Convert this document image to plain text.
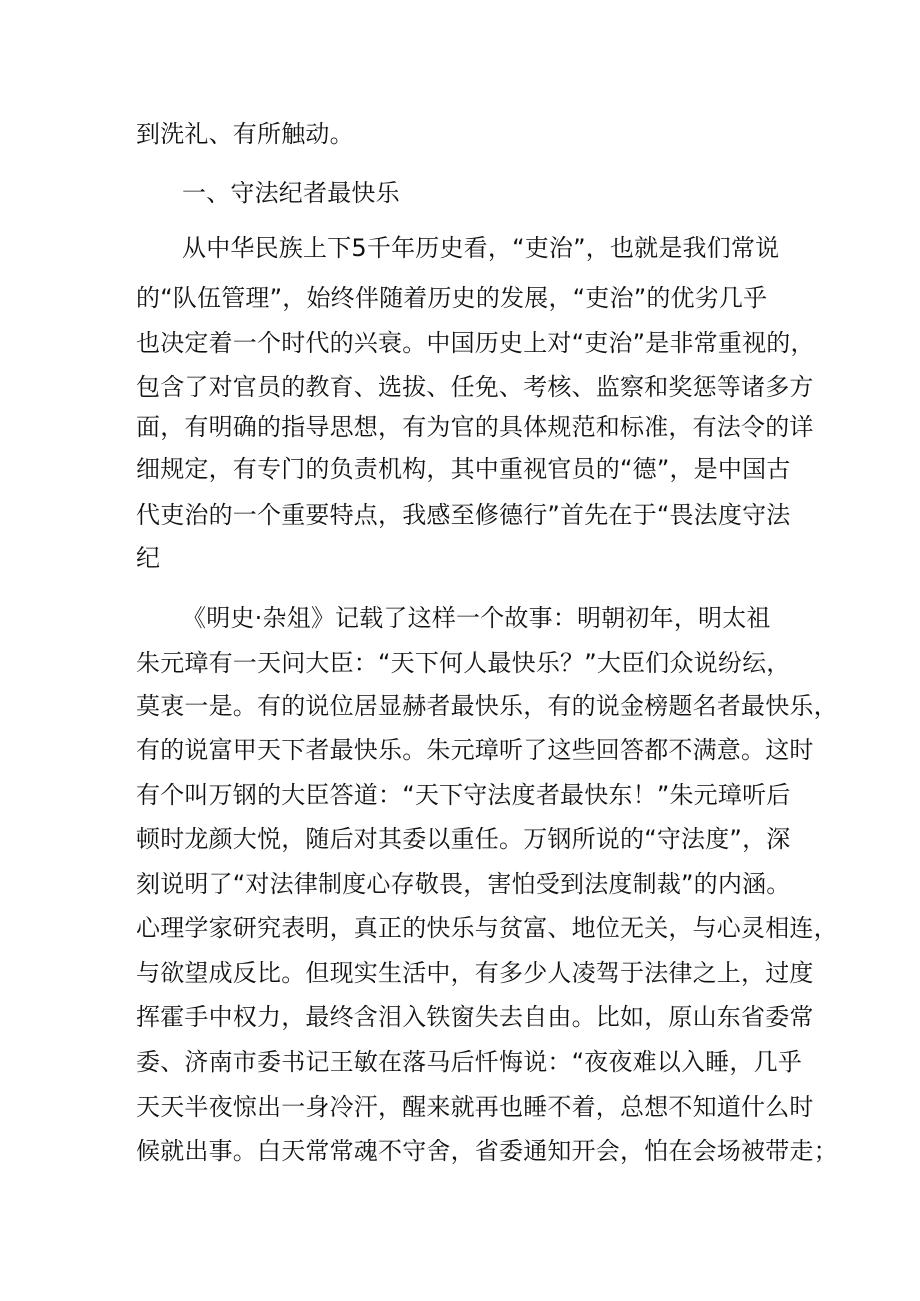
到洗礼、有所触动。
一、守法纪者最快乐
从中华民族上下5千年历史看，“吏治”，也就是我们常说
的“队伍管理”，始终伴随着历史的发展，“吏治”的优劣几乎
也决定着一个时代的兴衰。中国历史上对“吏治”是非常重视的，
包含了对官员的教育、选拔、任免、考核、监察和奖惩等诸多方
面，有明确的指导思想，有为官的具体规范和标准，有法令的详
细规定，有专门的负责机构，其中重视官员的“德”，是中国古
代吏治的一个重要特点，我感至修德行”首先在于“畏法度守法
纪
《明史·杂俎》记载了这样一个故事：明朝初年，明太祖
朱元璋有一天问大臣：“天下何人最快乐？”大臣们众说纷纭，
莫衷一是。有的说位居显赫者最快乐，有的说金榜题名者最快乐，
有的说富甲天下者最快乐。朱元璋听了这些回答都不满意。这时
有个叫万钢的大臣答道：“天下守法度者最快东！”朱元璋听后
顿时龙颜大悦，随后对其委以重任。万钢所说的“守法度”，深
刻说明了“对法律制度心存敬畏，害怕受到法度制裁”的内涵。
心理学家研究表明，真正的快乐与贫富、地位无关，与心灵相连，
与欲望成反比。但现实生活中，有多少人凌驾于法律之上，过度
挥霍手中权力，最终含泪入铁窗失去自由。比如，原山东省委常
委、济南市委书记王敏在落马后忏悔说：“夜夜难以入睡，几乎
天天半夜惊出一身冷汗，醒来就再也睡不着，总想不知道什么时
候就出事。白天常常魂不守舍，省委通知开会，怕在会场被带走；
